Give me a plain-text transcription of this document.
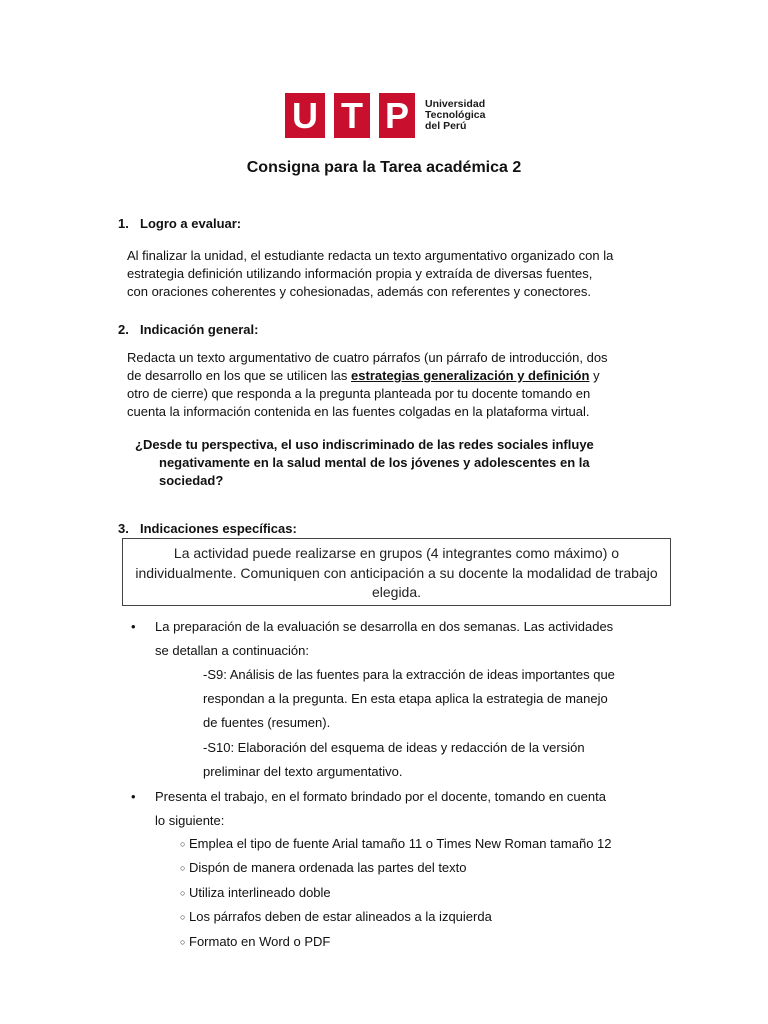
U T P	Universidad
Tecnológica
del Perú
Consigna para la Tarea académica 2
1. Logro a evaluar:
Al finalizar la unidad, el estudiante redacta un texto argumentativo organizado con la
estrategia definición utilizando información propia y extraída de diversas fuentes,
con oraciones coherentes y cohesionadas, además con referentes y conectores.
2. Indicación general:
Redacta un texto argumentativo de cuatro párrafos (un párrafo de introducción, dos
de desarrollo en los que se utilicen las estrategias generalización y definición y
otro de cierre) que responda a la pregunta planteada por tu docente tomando en
cuenta la información contenida en las fuentes colgadas en la plataforma virtual.
¿Desde tu perspectiva, el uso indiscriminado de las redes sociales influye
negativamente en la salud mental de los jóvenes y adolescentes en la
sociedad?
3. Indicaciones específicas:
La actividad puede realizarse en grupos (4 integrantes como máximo) o
individualmente. Comuniquen con anticipación a su docente la modalidad de trabajo
elegida.
• La preparación de la evaluación se desarrolla en dos semanas. Las actividades
se detallan a continuación:
-S9: Análisis de las fuentes para la extracción de ideas importantes que
respondan a la pregunta. En esta etapa aplica la estrategia de manejo
de fuentes (resumen).
-S10: Elaboración del esquema de ideas y redacción de la versión
preliminar del texto argumentativo.
• Presenta el trabajo, en el formato brindado por el docente, tomando en cuenta
lo siguiente:
○ Emplea el tipo de fuente Arial tamaño 11 o Times New Roman tamaño 12
○ Dispón de manera ordenada las partes del texto
○ Utiliza interlineado doble
○ Los párrafos deben de estar alineados a la izquierda
○ Formato en Word o PDF
